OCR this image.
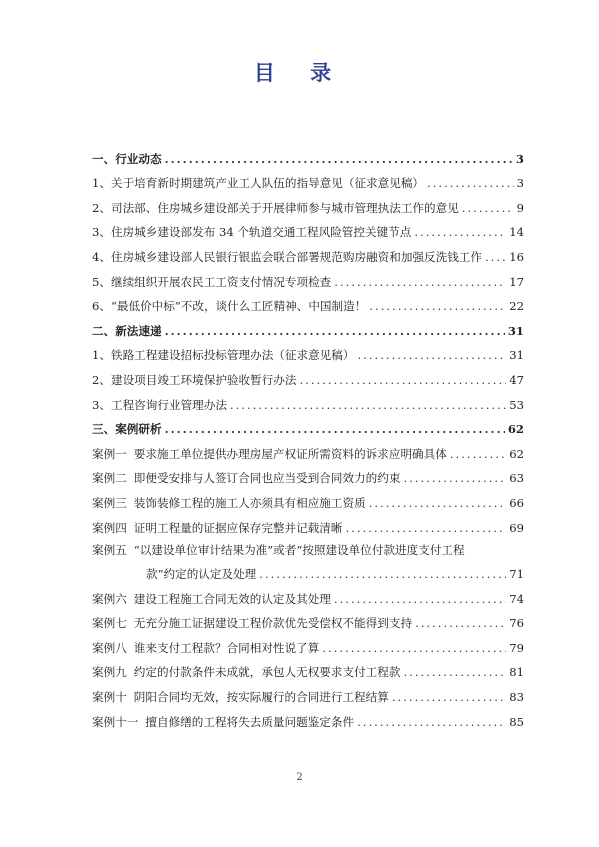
目 录
一、行业动态 .....	3
1、关于培育新时期建筑产业工人队伍的指导意见（征求意见稿） .....	3
2、司法部、住房城乡建设部关于开展律师参与城市管理执法工作的意见 .....	9
3、住房城乡建设部发布 34 个轨道交通工程风险管控关键节点 .....	14
4、住房城乡建设部人民银行银监会联合部署规范购房融资和加强反洗钱工作 ..... 16
5、继续组织开展农民工工资支付情况专项检查 .....	17
6、“最低价中标”不改，谈什么工匠精神、中国制造！ .....	22
二、新法速递 .....	31
1、铁路工程建设招标投标管理办法（征求意见稿） .....	31
2、建设项目竣工环境保护验收暂行办法 .....	47
3、工程咨询行业管理办法 .....	53
三、案例研析 .....	62
案例一 要求施工单位提供办理房屋产权证所需资料的诉求应明确具体 .....	62
案例二 即便受安排与人签订合同也应当受到合同效力的约束 .....	63
案例三 装饰装修工程的施工人亦须具有相应施工资质 .....	66
案例四 证明工程量的证据应保存完整并记载清晰 .....	69
案例五 “以建设单位审计结果为准”或者“按照建设单位付款进度支付工程
款”约定的认定及处理 .....	71
案例六 建设工程施工合同无效的认定及其处理 .....	74
案例七 无充分施工证据建设工程价款优先受偿权不能得到支持 .....	76
案例八 谁来支付工程款？合同相对性说了算 .....	79
案例九 约定的付款条件未成就，承包人无权要求支付工程款 .....	81
案例十 阴阳合同均无效，按实际履行的合同进行工程结算 .....	83
案例十一 擅自修缮的工程将失去质量问题鉴定条件 .....	85
2
